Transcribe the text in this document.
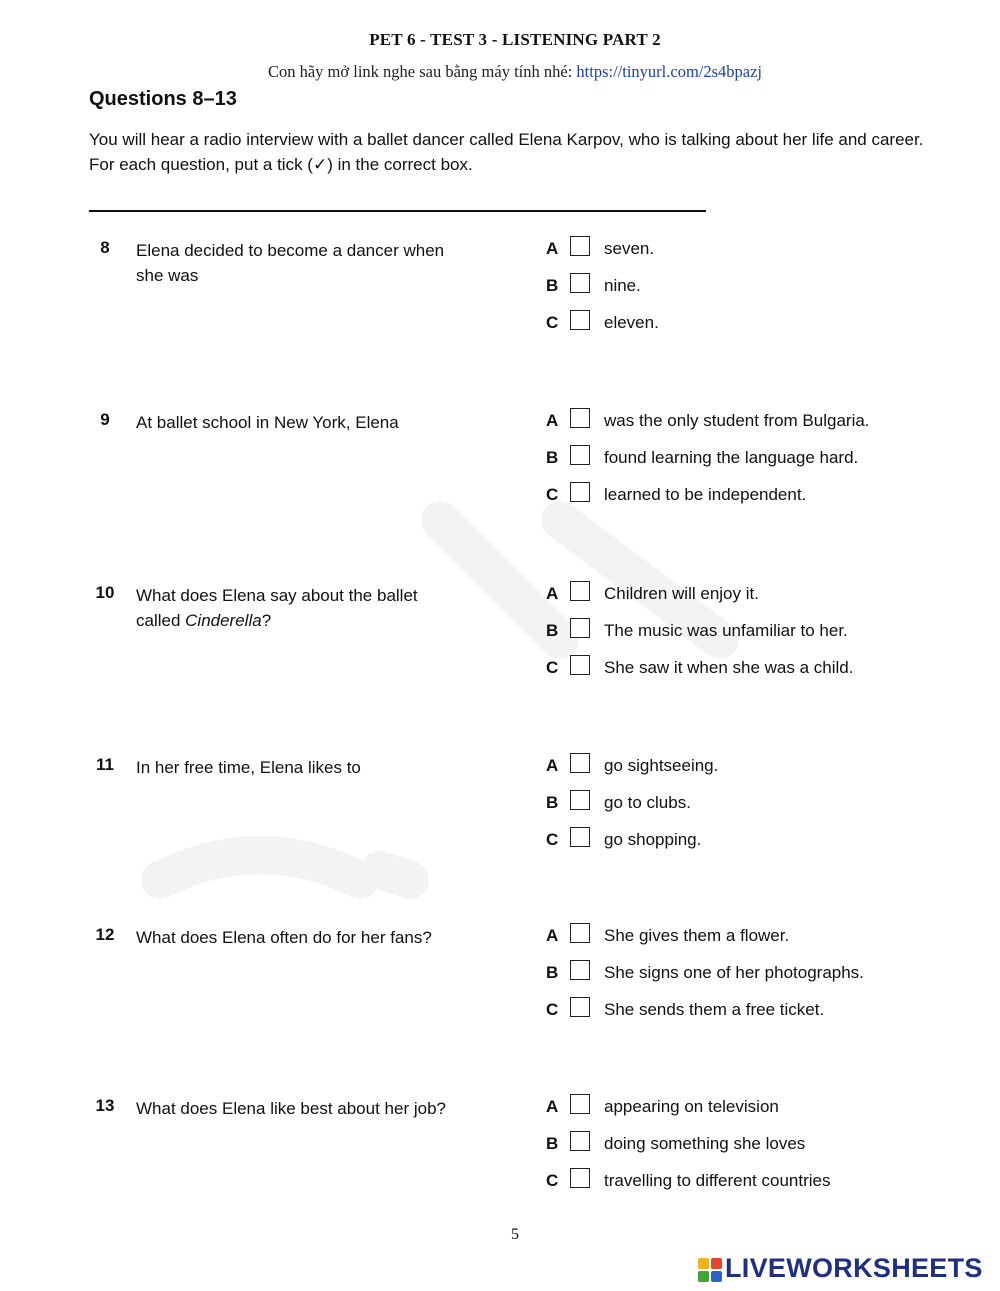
PET 6 - TEST 3 - LISTENING PART 2
Con hãy mở link nghe sau bằng máy tính nhé: https://tinyurl.com/2s4bpazj
Questions 8–13

You will hear a radio interview with a ballet dancer called Elena Karpov, who is talking about her life and career.

For each question, put a tick (✓) in the correct box.

8	Elena decided to become a dancer when
she was
A	seven.
B	nine.
C	eleven.
9	At ballet school in New York, Elena	A	was the only student from Bulgaria.
B	found learning the language hard.
C	learned to be independent.
10	What does Elena say about the ballet
called Cinderella?
A	Children will enjoy it.
B	The music was unfamiliar to her.
C	She saw it when she was a child.
11	In her free time, Elena likes to	A	go sightseeing.
B	go to clubs.
C	go shopping.
12	What does Elena often do for her fans?	A	She gives them a flower.
B	She signs one of her photographs.
C	She sends them a free ticket.
13	What does Elena like best about her job?	A	appearing on television
B	doing something she loves
C	travelling to different countries
5
LIVEWORKSHEETS
